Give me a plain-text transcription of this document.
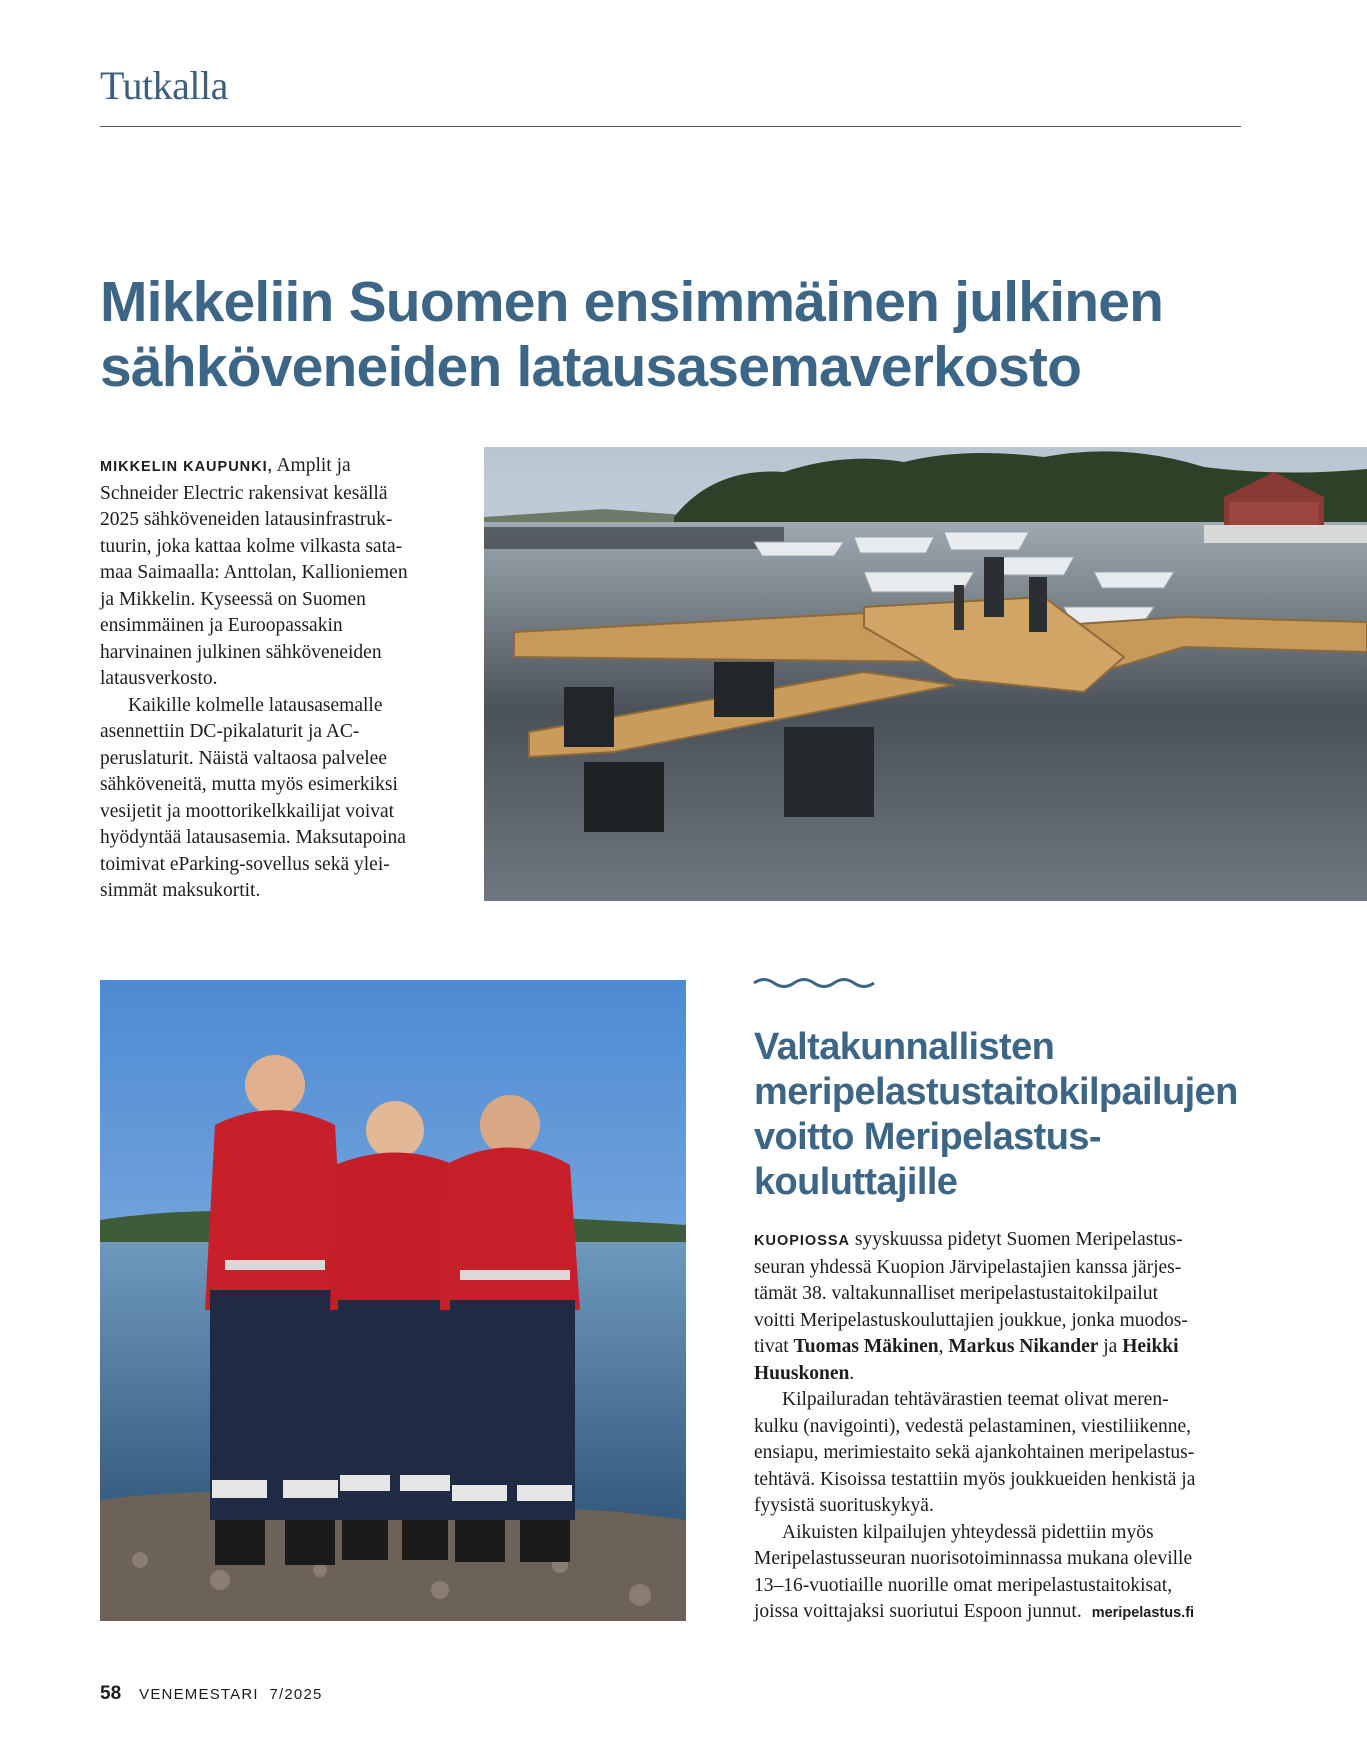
Tutkalla
Mikkeliin Suomen ensimmäinen julkinen
sähköveneiden latausasemaverkosto
MIKKELIN KAUPUNKI, Amplit ja
Schneider Electric rakensivat kesällä
2025 sähköveneiden latausinfrastruk-
tuurin, joka kattaa kolme vilkasta sata-
maa Saimaalla: Anttolan, Kallioniemen
ja Mikkelin. Kyseessä on Suomen
ensimmäinen ja Euroopassakin
harvinainen julkinen sähköveneiden
latausverkosto.
Kaikille kolmelle latausasemalle
asennettiin DC-pikalaturit ja AC-
peruslaturit. Näistä valtaosa palvelee
sähköveneitä, mutta myös esimerkiksi
vesijetit ja moottorikelkkailijat voivat
hyödyntää latausasemia. Maksutapoina
toimivat eParking-sovellus sekä ylei-
simmät maksukortit.
Valtakunnallisten
meripelastustaitokilpailujen
voitto Meripelastus-
kouluttajille
KUOPIOSSA syyskuussa pidetyt Suomen Meripelastus-
seuran yhdessä Kuopion Järvipelastajien kanssa järjes-
tämät 38. valtakunnalliset meripelastustaitokilpailut
voitti Meripelastuskouluttajien joukkue, jonka muodos-
tivat Tuomas Mäkinen, Markus Nikander ja Heikki
Huuskonen.
Kilpailuradan tehtävärastien teemat olivat meren-
kulku (navigointi), vedestä pelastaminen, viestiliikenne,
ensiapu, merimiestaito sekä ajankohtainen meripelastus-
tehtävä. Kisoissa testattiin myös joukkueiden henkistä ja
fyysistä suorituskykyä.
Aikuisten kilpailujen yhteydessä pidettiin myös
Meripelastusseuran nuorisotoiminnassa mukana oleville
13–16-vuotiaille nuorille omat meripelastustaitokisat,
joissa voittajaksi suoriutui Espoon junnut. meripelastus.fi
58 VENEMESTARI  7/2025
